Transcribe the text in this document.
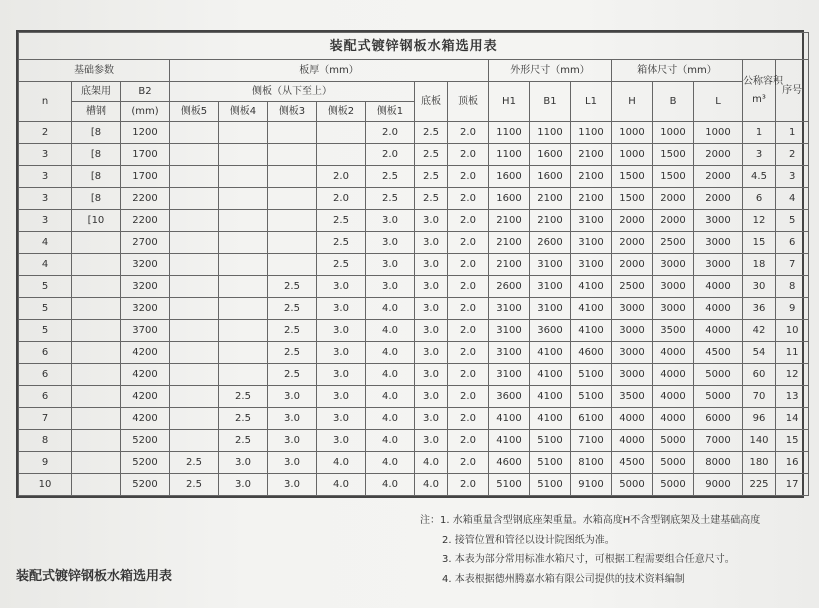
装配式镀锌钢板水箱选用表																	
基础参数			板厚（mm）							外形尺寸（mm）			箱体尺寸（mm）			公称容积
m³	序号
n	底架用	B2	侧板（从下至上）					底板	顶板	H1	B1	L1	H	B	L		
	槽钢	(mm)	侧板5	侧板4	侧板3	侧板2	侧板1										
2	[8	1200					2.0	2.5	2.0	1100	1100	1100	1000	1000	1000	1	1
3	[8	1700					2.0	2.5	2.0	1100	1600	2100	1000	1500	2000	3	2
3	[8	1700				2.0	2.5	2.5	2.0	1600	1600	2100	1500	1500	2000	4.5	3
3	[8	2200				2.0	2.5	2.5	2.0	1600	2100	2100	1500	2000	2000	6	4
3	[10	2200				2.5	3.0	3.0	2.0	2100	2100	3100	2000	2000	3000	12	5
4		2700				2.5	3.0	3.0	2.0	2100	2600	3100	2000	2500	3000	15	6
4		3200				2.5	3.0	3.0	2.0	2100	3100	3100	2000	3000	3000	18	7
5		3200			2.5	3.0	3.0	3.0	2.0	2600	3100	4100	2500	3000	4000	30	8
5		3200			2.5	3.0	4.0	3.0	2.0	3100	3100	4100	3000	3000	4000	36	9
5		3700			2.5	3.0	4.0	3.0	2.0	3100	3600	4100	3000	3500	4000	42	10
6		4200			2.5	3.0	4.0	3.0	2.0	3100	4100	4600	3000	4000	4500	54	11
6		4200			2.5	3.0	4.0	3.0	2.0	3100	4100	5100	3000	4000	5000	60	12
6		4200		2.5	3.0	3.0	4.0	3.0	2.0	3600	4100	5100	3500	4000	5000	70	13
7		4200		2.5	3.0	3.0	4.0	3.0	2.0	4100	4100	6100	4000	4000	6000	96	14
8		5200		2.5	3.0	3.0	4.0	3.0	2.0	4100	5100	7100	4000	5000	7000	140	15
9		5200	2.5	3.0	3.0	4.0	4.0	4.0	2.0	4600	5100	8100	4500	5000	8000	180	16
10		5200	2.5	3.0	3.0	4.0	4.0	4.0	2.0	5100	5100	9100	5000	5000	9000	225	17
注：1. 水箱重量含型钢底座架重量。水箱高度H不含型钢底架及土建基础高度
2. 接管位置和管径以设计院图纸为准。
3. 本表为部分常用标准水箱尺寸，可根据工程需要组合任意尺寸。
4. 本表根据德州腾嘉水箱有限公司提供的技术资料编制
装配式镀锌钢板水箱选用表
